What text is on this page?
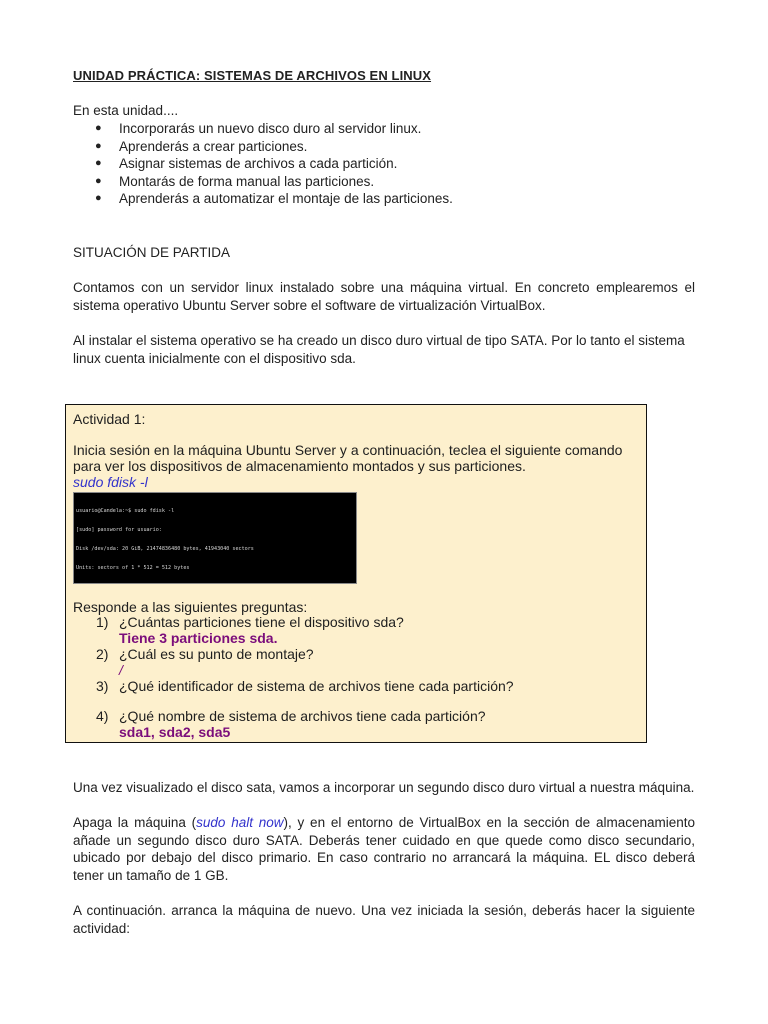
UNIDAD PRÁCTICA: SISTEMAS DE ARCHIVOS EN LINUX

En esta unidad....

● Incorporarás un nuevo disco duro al servidor linux.
● Aprenderás a crear particiones.
● Asignar sistemas de archivos a cada partición.
● Montarás de forma manual las particiones.
● Aprenderás a automatizar el montaje de las particiones.

SITUACIÓN DE PARTIDA

Contamos con un servidor linux instalado sobre una máquina virtual. En concreto emplearemos el sistema operativo Ubuntu Server sobre el software de virtualización VirtualBox.

Al instalar el sistema operativo se ha creado un disco duro virtual de tipo SATA. Por lo tanto el sistema linux cuenta inicialmente con el dispositivo sda.

Actividad 1:
Inicia sesión en la máquina Ubuntu Server y a continuación, teclea el siguiente comando para ver los dispositivos de almacenamiento montados y sus particiones.
sudo fdisk -l

usuario@Candela:~$ sudo fdisk -l

[sudo] password for usuario:

Disk /dev/sda: 20 GiB, 21474836480 bytes, 41943040 sectors

Units: sectors of 1 * 512 = 512 bytes

Responde a las siguientes preguntas:
1) ¿Cuántas particiones tiene el dispositivo sda?
Tiene 3 particiones sda.
2) ¿Cuál es su punto de montaje?
/
3) ¿Qué identificador de sistema de archivos tiene cada partición?
4) ¿Qué nombre de sistema de archivos tiene cada partición?
sda1, sda2, sda5

Una vez visualizado el disco sata, vamos a incorporar un segundo disco duro virtual a nuestra máquina.

Apaga la máquina (sudo halt now), y en el entorno de VirtualBox en la sección de almacenamiento añade un segundo disco duro SATA. Deberás tener cuidado en que quede como disco secundario, ubicado por debajo del disco primario. En caso contrario no arrancará la máquina. EL disco deberá tener un tamaño de 1 GB.

A continuación. arranca la máquina de nuevo. Una vez iniciada la sesión, deberás hacer la siguiente actividad:
